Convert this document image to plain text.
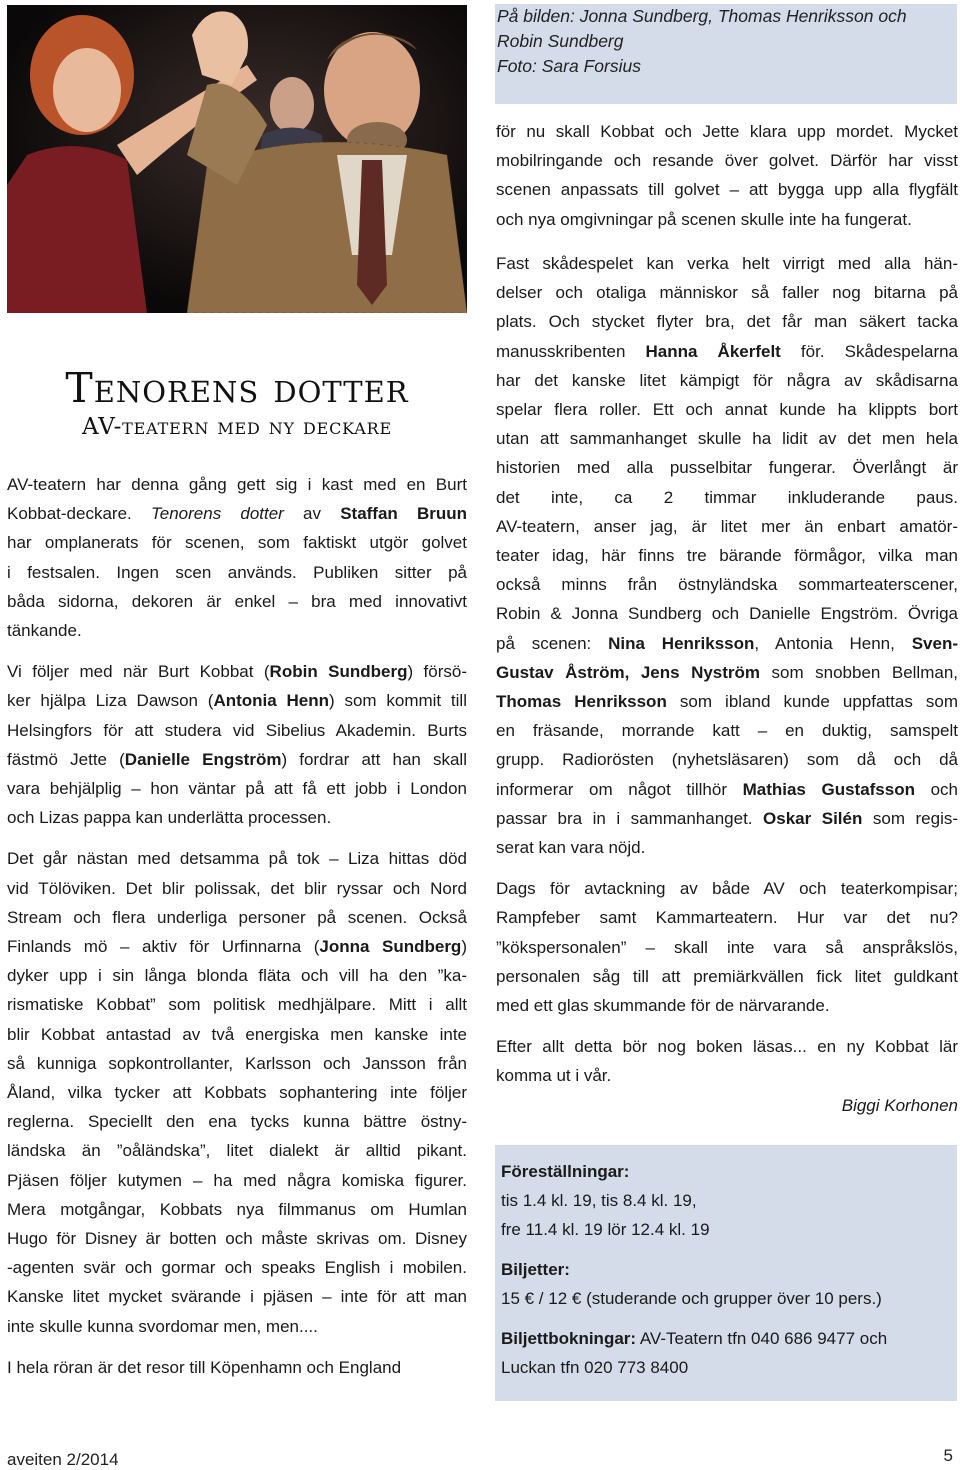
På bilden: Jonna Sundberg, Thomas Henriksson och
Robin Sundberg
Foto: Sara Forsius
Tenorens dotter
AV-teatern med ny deckare
AV-teatern har denna gång gett sig i kast med en Burt
Kobbat-deckare. Tenorens dotter av Staffan Bruun
har omplanerats för scenen, som faktiskt utgör golvet
i festsalen. Ingen scen används. Publiken sitter på
båda sidorna, dekoren är enkel – bra med innovativt
tänkande.
Vi följer med när Burt Kobbat (Robin Sundberg) försö-
ker hjälpa Liza Dawson (Antonia Henn) som kommit till
Helsingfors för att studera vid Sibelius Akademin. Burts
fästmö Jette (Danielle Engström) fordrar att han skall
vara behjälplig – hon väntar på att få ett jobb i London
och Lizas pappa kan underlätta processen.
Det går nästan med detsamma på tok – Liza hittas död
vid Tölöviken. Det blir polissak, det blir ryssar och Nord
Stream och flera underliga personer på scenen. Också
Finlands mö – aktiv för Urfinnarna (Jonna Sundberg)
dyker upp i sin långa blonda fläta och vill ha den ”ka-
rismatiske Kobbat” som politisk medhjälpare. Mitt i allt
blir Kobbat antastad av två energiska men kanske inte
så kunniga sopkontrollanter, Karlsson och Jansson från
Åland, vilka tycker att Kobbats sophantering inte följer
reglerna. Speciellt den ena tycks kunna bättre östny-
ländska än ”oåländska”, litet dialekt är alltid pikant.
Pjäsen följer kutymen – ha med några komiska figurer.
Mera motgångar, Kobbats nya filmmanus om Humlan
Hugo för Disney är botten och måste skrivas om. Disney
-agenten svär och gormar och speaks English i mobilen.
Kanske litet mycket svärande i pjäsen – inte för att man
inte skulle kunna svordomar men, men....
I hela röran är det resor till Köpenhamn och England
för nu skall Kobbat och Jette klara upp mordet. Mycket
mobilringande och resande över golvet. Därför har visst
scenen anpassats till golvet – att bygga upp alla flygfält
och nya omgivningar på scenen skulle inte ha fungerat.
Fast skådespelet kan verka helt virrigt med alla hän-
delser och otaliga människor så faller nog bitarna på
plats. Och stycket flyter bra, det får man säkert tacka
manusskribenten Hanna Åkerfelt för. Skådespelarna
har det kanske litet kämpigt för några av skådisarna
spelar flera roller. Ett och annat kunde ha klippts bort
utan att sammanhanget skulle ha lidit av det men hela
historien med alla pusselbitar fungerar. Överlångt är
det inte, ca 2 timmar inkluderande paus.
AV-teatern, anser jag, är litet mer än enbart amatör-
teater idag, här finns tre bärande förmågor, vilka man
också minns från östnyländska sommarteaterscener,
Robin & Jonna Sundberg och Danielle Engström. Övriga
på scenen: Nina Henriksson, Antonia Henn, Sven-
Gustav Åström, Jens Nyström som snobben Bellman,
Thomas Henriksson som ibland kunde uppfattas som
en fräsande, morrande katt – en duktig, samspelt
grupp. Radiorösten (nyhetsläsaren) som då och då
informerar om något tillhör Mathias Gustafsson och
passar bra in i sammanhanget. Oskar Silén som regis-
serat kan vara nöjd.
Dags för avtackning av både AV och teaterkompisar;
Rampfeber samt Kammarteatern. Hur var det nu?
”kökspersonalen” – skall inte vara så anspråkslös,
personalen såg till att premiärkvällen fick litet guldkant
med ett glas skummande för de närvarande.
Efter allt detta bör nog boken läsas... en ny Kobbat lär
komma ut i vår.
Biggi Korhonen
Föreställningar:
tis 1.4 kl. 19, tis 8.4 kl. 19,
fre 11.4 kl. 19 lör 12.4 kl. 19
Biljetter:
15 € / 12 € (studerande och grupper över 10 pers.)
Biljettbokningar: AV-Teatern tfn 040 686 9477 och
Luckan tfn 020 773 8400
aveiten 2/2014	5
